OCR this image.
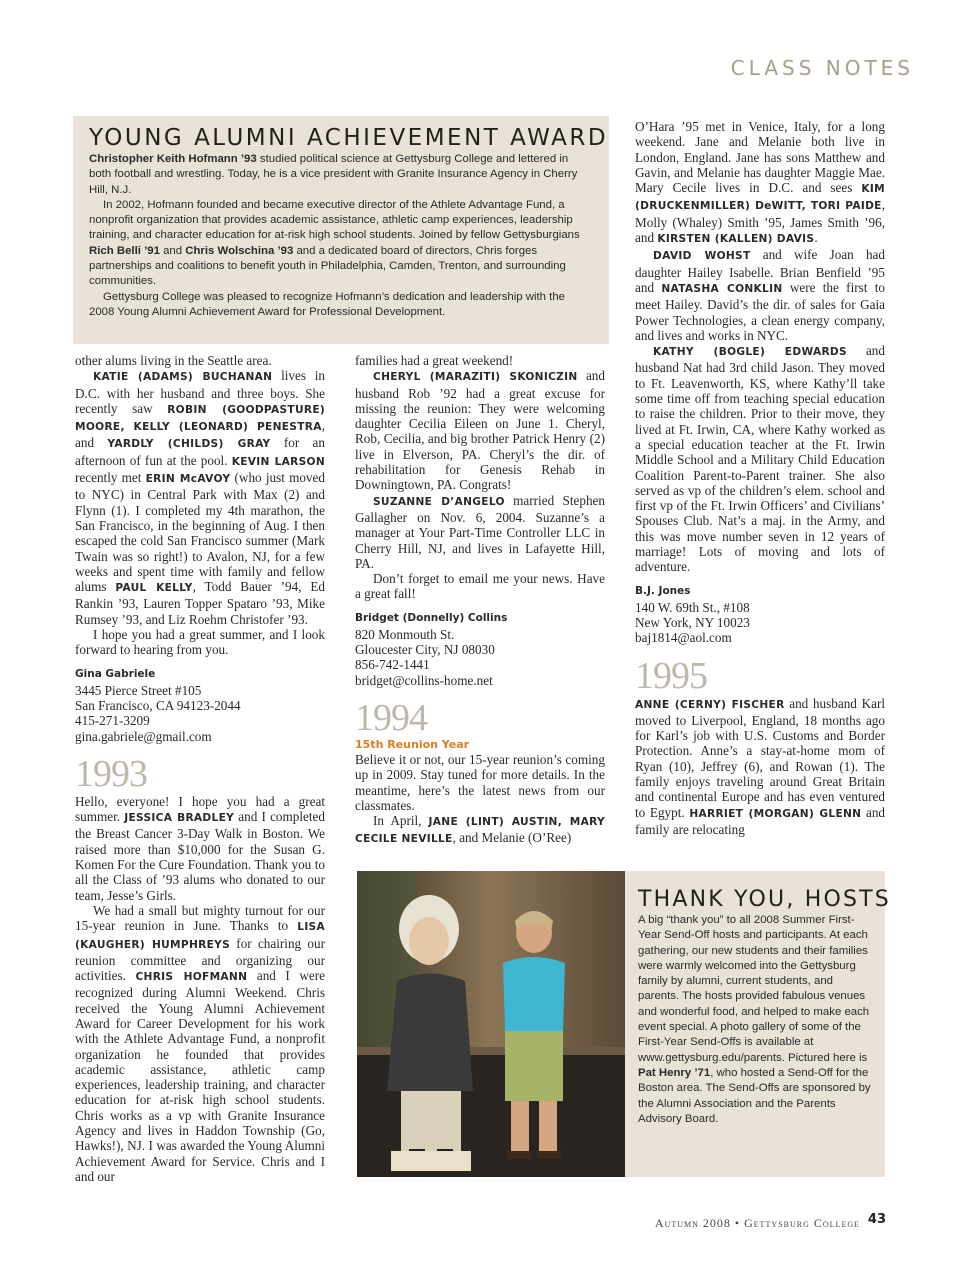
CLASS NOTES
YOUNG ALUMNI ACHIEVEMENT AWARD

Christopher Keith Hofmann ’93 studied political science at Gettysburg College and lettered in both football and wrestling. Today, he is a vice president with Granite Insurance Agency in Cherry Hill, N.J.

In 2002, Hofmann founded and became executive director of the Athlete Advantage Fund, a nonprofit organization that provides academic assistance, athletic camp experiences, leadership training, and character education for at-risk high school students. Joined by fellow Gettysburgians Rich Belli ’91 and Chris Wolschina ’93 and a dedicated board of directors, Chris forges partnerships and coalitions to benefit youth in Philadelphia, Camden, Trenton, and surrounding communities.

Gettysburg College was pleased to recognize Hofmann’s dedication and leadership with the 2008 Young Alumni Achievement Award for Professional Development.

other alums living in the Seattle area.

KATIE (ADAMS) BUCHANAN lives in D.C. with her husband and three boys. She recently saw ROBIN (GOODPASTURE) MOORE, KELLY (LEONARD) PENESTRA, and YARDLY (CHILDS) GRAY for an afternoon of fun at the pool. KEVIN LARSON recently met ERIN McAVOY (who just moved to NYC) in Central Park with Max (2) and Flynn (1). I completed my 4th marathon, the San Francisco, in the beginning of Aug. I then escaped the cold San Francisco summer (Mark Twain was so right!) to Avalon, NJ, for a few weeks and spent time with family and fellow alums PAUL KELLY, Todd Bauer ’94, Ed Rankin ’93, Lauren Topper Spataro ’93, Mike Rumsey ’93, and Liz Roehm Christofer ’93.

I hope you had a great summer, and I look forward to hearing from you.

Gina Gabriele
3445 Pierce Street #105
San Francisco, CA 94123-2044
415-271-3209
gina.gabriele@gmail.com
1993

Hello, everyone! I hope you had a great summer. JESSICA BRADLEY and I completed the Breast Cancer 3-Day Walk in Boston. We raised more than $10,000 for the Susan G. Komen For the Cure Foundation. Thank you to all the Class of ’93 alums who donated to our team, Jesse’s Girls.

We had a small but mighty turnout for our 15-year reunion in June. Thanks to LISA (KAUGHER) HUMPHREYS for chairing our reunion committee and organizing our activities. CHRIS HOFMANN and I were recognized during Alumni Weekend. Chris received the Young Alumni Achievement Award for Career Development for his work with the Athlete Advantage Fund, a nonprofit organization he founded that provides academic assistance, athletic camp experiences, leadership training, and character education for at-risk high school students. Chris works as a vp with Granite Insurance Agency and lives in Haddon Township (Go, Hawks!), NJ. I was awarded the Young Alumni Achievement Award for Service. Chris and I and our

families had a great weekend!

CHERYL (MARAZITI) SKONICZIN and husband Rob ’92 had a great excuse for missing the reunion: They were welcoming daughter Cecilia Eileen on June 1. Cheryl, Rob, Cecilia, and big brother Patrick Henry (2) live in Elverson, PA. Cheryl’s the dir. of rehabilitation for Genesis Rehab in Downingtown, PA. Congrats!

SUZANNE D’ANGELO married Stephen Gallagher on Nov. 6, 2004. Suzanne’s a manager at Your Part-Time Controller LLC in Cherry Hill, NJ, and lives in Lafayette Hill, PA.

Don’t forget to email me your news. Have a great fall!

Bridget (Donnelly) Collins
820 Monmouth St.
Gloucester City, NJ 08030
856-742-1441
bridget@collins-home.net
1994
15th Reunion Year

Believe it or not, our 15-year reunion’s coming up in 2009. Stay tuned for more details. In the meantime, here’s the latest news from our classmates.

In April, JANE (LINT) AUSTIN, MARY CECILE NEVILLE, and Melanie (O’Ree)

O’Hara ’95 met in Venice, Italy, for a long weekend. Jane and Melanie both live in London, England. Jane has sons Matthew and Gavin, and Melanie has daughter Maggie Mae. Mary Cecile lives in D.C. and sees KIM (DRUCKENMILLER) DeWITT, TORI PAIDE, Molly (Whaley) Smith ’95, James Smith ’96, and KIRSTEN (KALLEN) DAVIS.

DAVID WOHST and wife Joan had daughter Hailey Isabelle. Brian Benfield ’95 and NATASHA CONKLIN were the first to meet Hailey. David’s the dir. of sales for Gaia Power Technologies, a clean energy company, and lives and works in NYC.

KATHY (BOGLE) EDWARDS and husband Nat had 3rd child Jason. They moved to Ft. Leavenworth, KS, where Kathy’ll take some time off from teaching special education to raise the children. Prior to their move, they lived at Ft. Irwin, CA, where Kathy worked as a special education teacher at the Ft. Irwin Middle School and a Military Child Education Coalition Parent-to-Parent trainer. She also served as vp of the children’s elem. school and first vp of the Ft. Irwin Officers’ and Civilians’ Spouses Club. Nat’s a maj. in the Army, and this was move number seven in 12 years of marriage! Lots of moving and lots of adventure.

B.J. Jones
140 W. 69th St., #108
New York, NY 10023
baj1814@aol.com
1995

ANNE (CERNY) FISCHER and husband Karl moved to Liverpool, England, 18 months ago for Karl’s job with U.S. Customs and Border Protection. Anne’s a stay-at-home mom of Ryan (10), Jeffrey (6), and Rowan (1). The family enjoys traveling around Great Britain and continental Europe and has even ventured to Egypt. HARRIET (MORGAN) GLENN and family are relocating

THANK YOU, HOSTS
A big “thank you” to all 2008 Summer First-Year Send-Off hosts and participants. At each gathering, our new students and their families were warmly welcomed into the Gettysburg family by alumni, current students, and parents. The hosts provided fabulous venues and wonderful food, and helped to make each event special. A photo gallery of some of the First-Year Send-Offs is available at www.gettysburg.edu/parents. Pictured here is Pat Henry ’71, who hosted a Send-Off for the Boston area. The Send-Offs are sponsored by the Alumni Association and the Parents Advisory Board.
Autumn 2008 • Gettysburg College 43
